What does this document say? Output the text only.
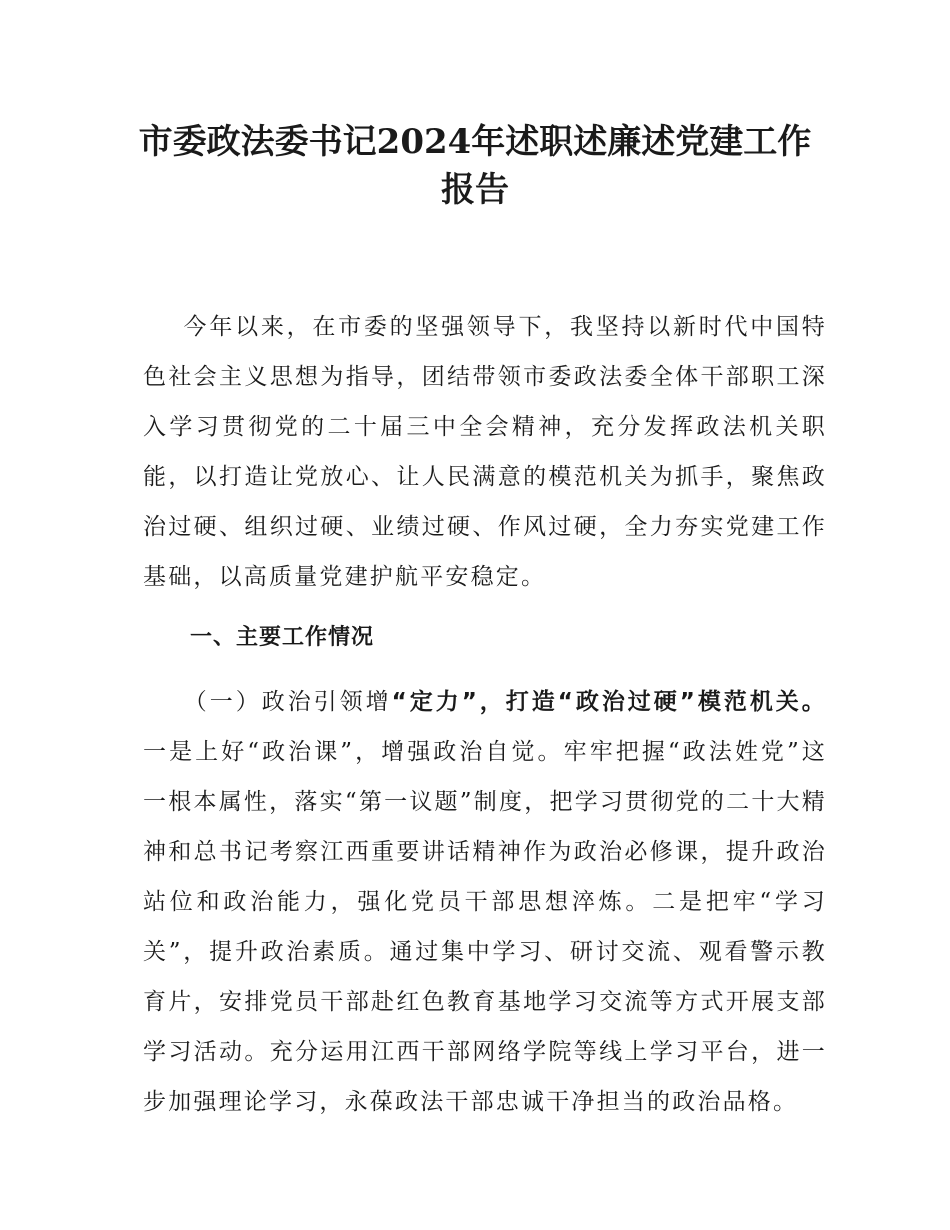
市委政法委书记2024年述职述廉述党建工作
报告

今年以来，在市委的坚强领导下，我坚持以新时代中国特色社会主义思想为指导，团结带领市委政法委全体干部职工深入学习贯彻党的二十届三中全会精神，充分发挥政法机关职能，以打造让党放心、让人民满意的模范机关为抓手，聚焦政治过硬、组织过硬、业绩过硬、作风过硬，全力夯实党建工作基础，以高质量党建护航平安稳定。

一、主要工作情况

（一）政治引领增“定力”，打造“政治过硬”模范机关。一是上好“政治课”，增强政治自觉。牢牢把握“政法姓党”这一根本属性，落实“第一议题”制度，把学习贯彻党的二十大精神和总书记考察江西重要讲话精神作为政治必修课，提升政治站位和政治能力，强化党员干部思想淬炼。二是把牢“学习关”，提升政治素质。通过集中学习、研讨交流、观看警示教育片，安排党员干部赴红色教育基地学习交流等方式开展支部学习活动。充分运用江西干部网络学院等线上学习平台，进一步加强理论学习，永葆政法干部忠诚干净担当的政治品格。
